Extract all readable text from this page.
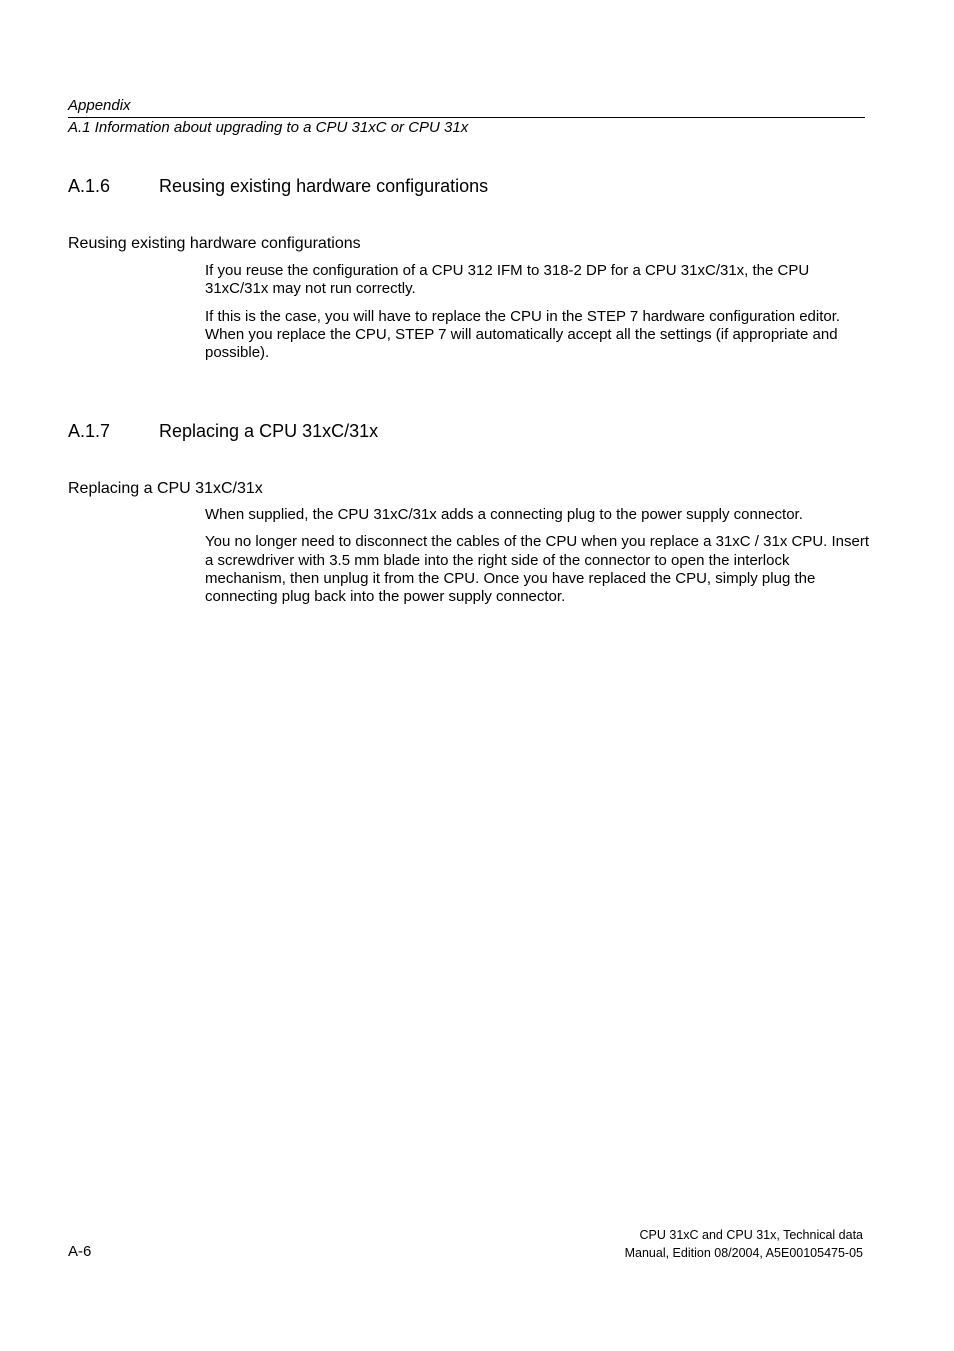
Appendix

A.1 Information about upgrading to a CPU 31xC or CPU 31x

A.1.6	Reusing existing hardware configurations
Reusing existing hardware configurations

If you reuse the configuration of a CPU 312 IFM to 318-2 DP for a CPU 31xC/31x, the CPU 31xC/31x may not run correctly.

If this is the case, you will have to replace the CPU in the STEP 7 hardware configuration editor. When you replace the CPU, STEP 7 will automatically accept all the settings (if appropriate and possible).

A.1.7	Replacing a CPU 31xC/31x
Replacing a CPU 31xC/31x

When supplied, the CPU 31xC/31x adds a connecting plug to the power supply connector.

You no longer need to disconnect the cables of the CPU when you replace a 31xC / 31x CPU. Insert a screwdriver with 3.5 mm blade into the right side of the connector to open the interlock mechanism, then unplug it from the CPU. Once you have replaced the CPU, simply plug the connecting plug back into the power supply connector.

A-6

CPU 31xC and CPU 31x, Technical data
Manual, Edition 08/2004, A5E00105475-05
